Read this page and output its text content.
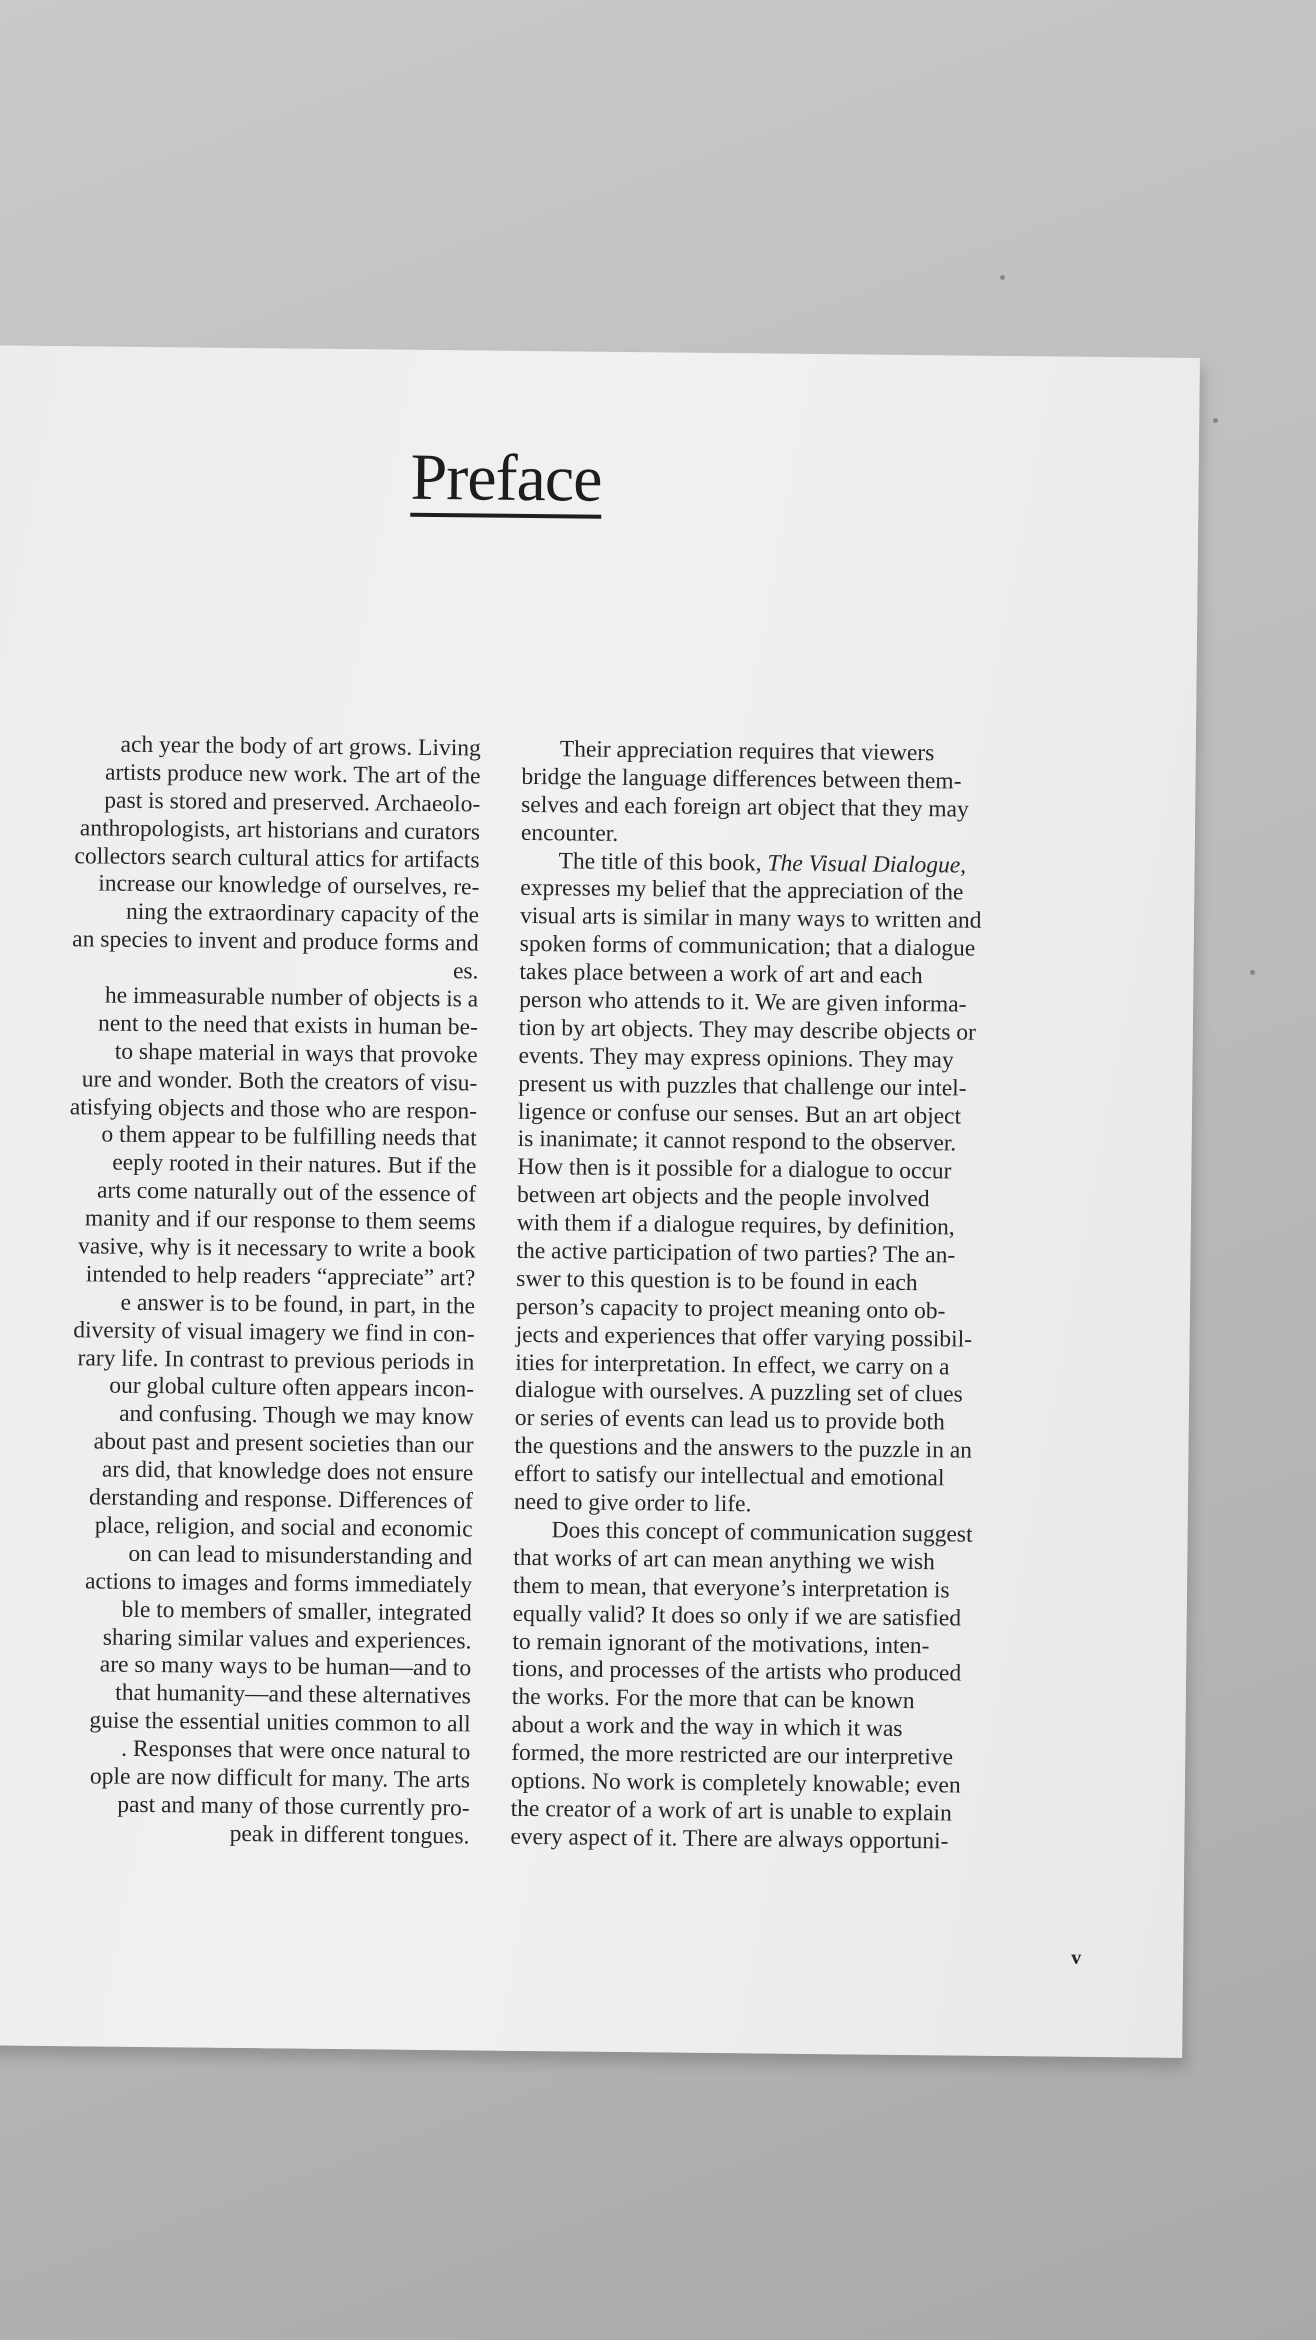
Preface
ach year the body of art grows. Living
artists produce new work. The art of the
past is stored and preserved. Archaeolo-
anthropologists, art historians and curators
collectors search cultural attics for artifacts
increase our knowledge of ourselves, re-
ning the extraordinary capacity of the
an species to invent and produce forms and
es.
he immeasurable number of objects is a
nent to the need that exists in human be-
to shape material in ways that provoke
ure and wonder. Both the creators of visu-
atisfying objects and those who are respon-
o them appear to be fulfilling needs that
eeply rooted in their natures. But if the
arts come naturally out of the essence of
manity and if our response to them seems
vasive, why is it necessary to write a book
intended to help readers “appreciate” art?
e answer is to be found, in part, in the
diversity of visual imagery we find in con-
rary life. In contrast to previous periods in
our global culture often appears incon-
and confusing. Though we may know
about past and present societies than our
ars did, that knowledge does not ensure
derstanding and response. Differences of
place, religion, and social and economic
on can lead to misunderstanding and
actions to images and forms immediately
ble to members of smaller, integrated
sharing similar values and experiences.
are so many ways to be human—and to
that humanity—and these alternatives
guise the essential unities common to all
. Responses that were once natural to
ople are now difficult for many. The arts
past and many of those currently pro-
peak in different tongues.
Their appreciation requires that viewers
bridge the language differences between them-
selves and each foreign art object that they may
encounter.
The title of this book, The Visual Dialogue,
expresses my belief that the appreciation of the
visual arts is similar in many ways to written and
spoken forms of communication; that a dialogue
takes place between a work of art and each
person who attends to it. We are given informa-
tion by art objects. They may describe objects or
events. They may express opinions. They may
present us with puzzles that challenge our intel-
ligence or confuse our senses. But an art object
is inanimate; it cannot respond to the observer.
How then is it possible for a dialogue to occur
between art objects and the people involved
with them if a dialogue requires, by definition,
the active participation of two parties? The an-
swer to this question is to be found in each
person’s capacity to project meaning onto ob-
jects and experiences that offer varying possibil-
ities for interpretation. In effect, we carry on a
dialogue with ourselves. A puzzling set of clues
or series of events can lead us to provide both
the questions and the answers to the puzzle in an
effort to satisfy our intellectual and emotional
need to give order to life.
Does this concept of communication suggest
that works of art can mean anything we wish
them to mean, that everyone’s interpretation is
equally valid? It does so only if we are satisfied
to remain ignorant of the motivations, inten-
tions, and processes of the artists who produced
the works. For the more that can be known
about a work and the way in which it was
formed, the more restricted are our interpretive
options. No work is completely knowable; even
the creator of a work of art is unable to explain
every aspect of it. There are always opportuni-
v
